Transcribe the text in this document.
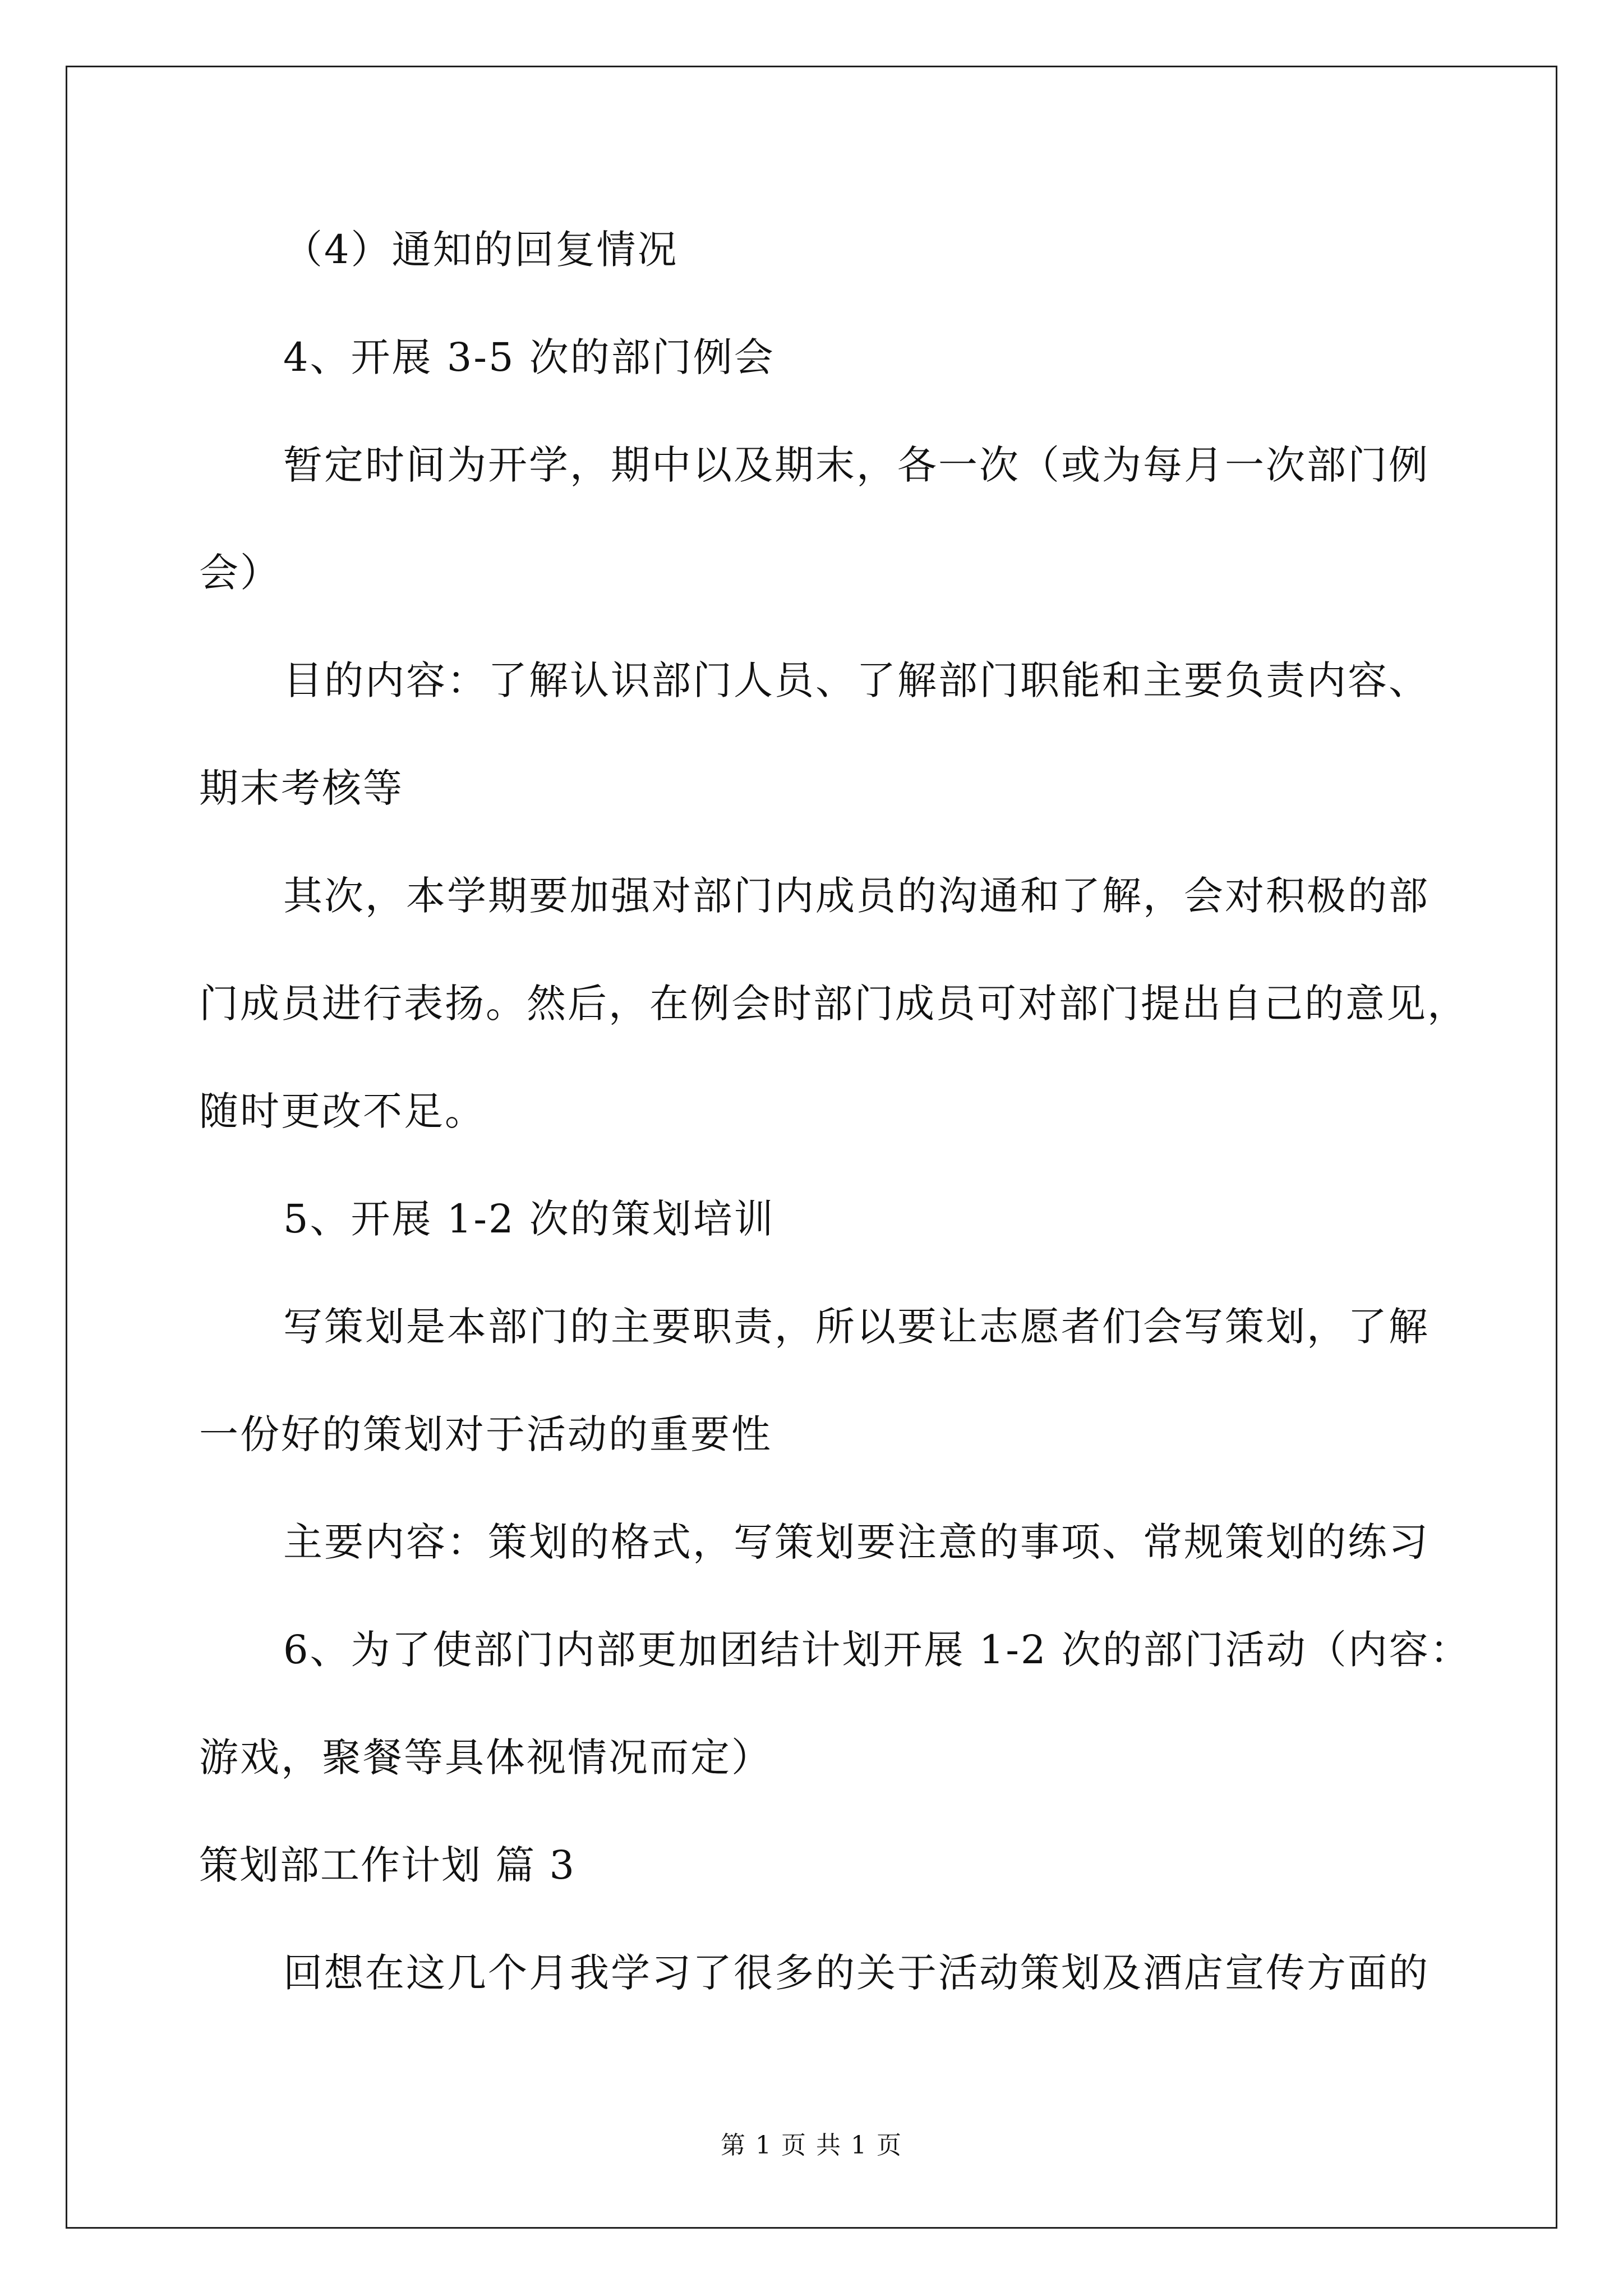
（4）通知的回复情况
4、开展 3-5 次的部门例会
暂定时间为开学，期中以及期末，各一次（或为每月一次部门例
会）
目的内容：了解认识部门人员、了解部门职能和主要负责内容、
期末考核等
其次，本学期要加强对部门内成员的沟通和了解，会对积极的部
门成员进行表扬。然后，在例会时部门成员可对部门提出自己的意见，
随时更改不足。
5、开展 1-2 次的策划培训
写策划是本部门的主要职责，所以要让志愿者们会写策划，了解
一份好的策划对于活动的重要性
主要内容：策划的格式，写策划要注意的事项、常规策划的练习
6、为了使部门内部更加团结计划开展 1-2 次的部门活动（内容：
游戏，聚餐等具体视情况而定）
策划部工作计划 篇 3
回想在这几个月我学习了很多的关于活动策划及酒店宣传方面的
第 1 页 共 1 页
